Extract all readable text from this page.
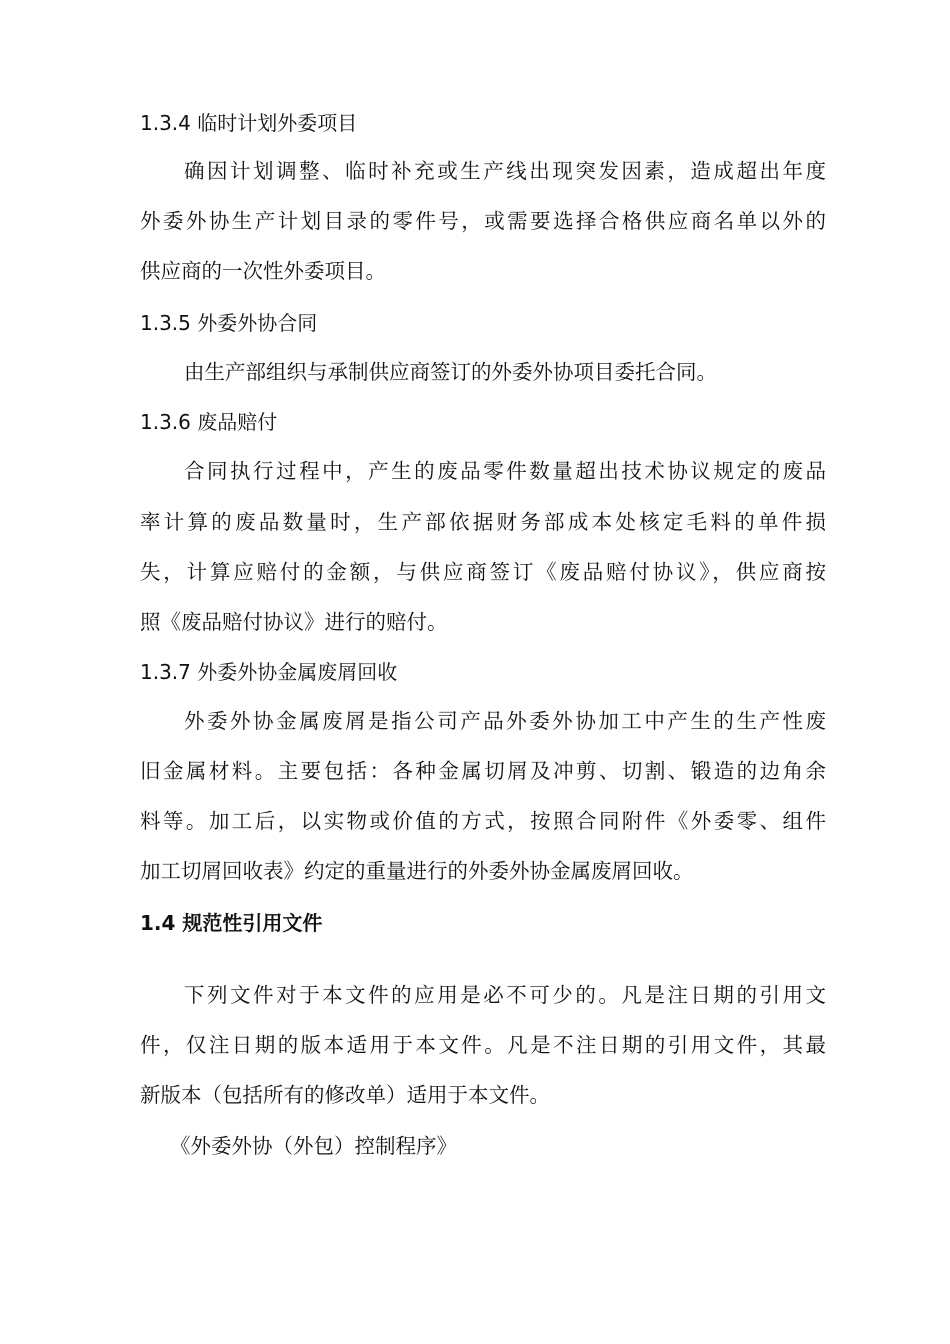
1.3.4 临时计划外委项目
确因计划调整、临时补充或生产线出现突发因素，造成超出年度
外委外协生产计划目录的零件号，或需要选择合格供应商名单以外的
供应商的一次性外委项目。
1.3.5 外委外协合同
由生产部组织与承制供应商签订的外委外协项目委托合同。
1.3.6 废品赔付
合同执行过程中，产生的废品零件数量超出技术协议规定的废品
率计算的废品数量时，生产部依据财务部成本处核定毛料的单件损
失，计算应赔付的金额，与供应商签订《废品赔付协议》，供应商按
照《废品赔付协议》进行的赔付。
1.3.7 外委外协金属废屑回收
外委外协金属废屑是指公司产品外委外协加工中产生的生产性废
旧金属材料。主要包括：各种金属切屑及冲剪、切割、锻造的边角余
料等。加工后，以实物或价值的方式，按照合同附件《外委零、组件
加工切屑回收表》约定的重量进行的外委外协金属废屑回收。
1.4 规范性引用文件
下列文件对于本文件的应用是必不可少的。凡是注日期的引用文
件，仅注日期的版本适用于本文件。凡是不注日期的引用文件，其最
新版本（包括所有的修改单）适用于本文件。
《外委外协（外包）控制程序》
